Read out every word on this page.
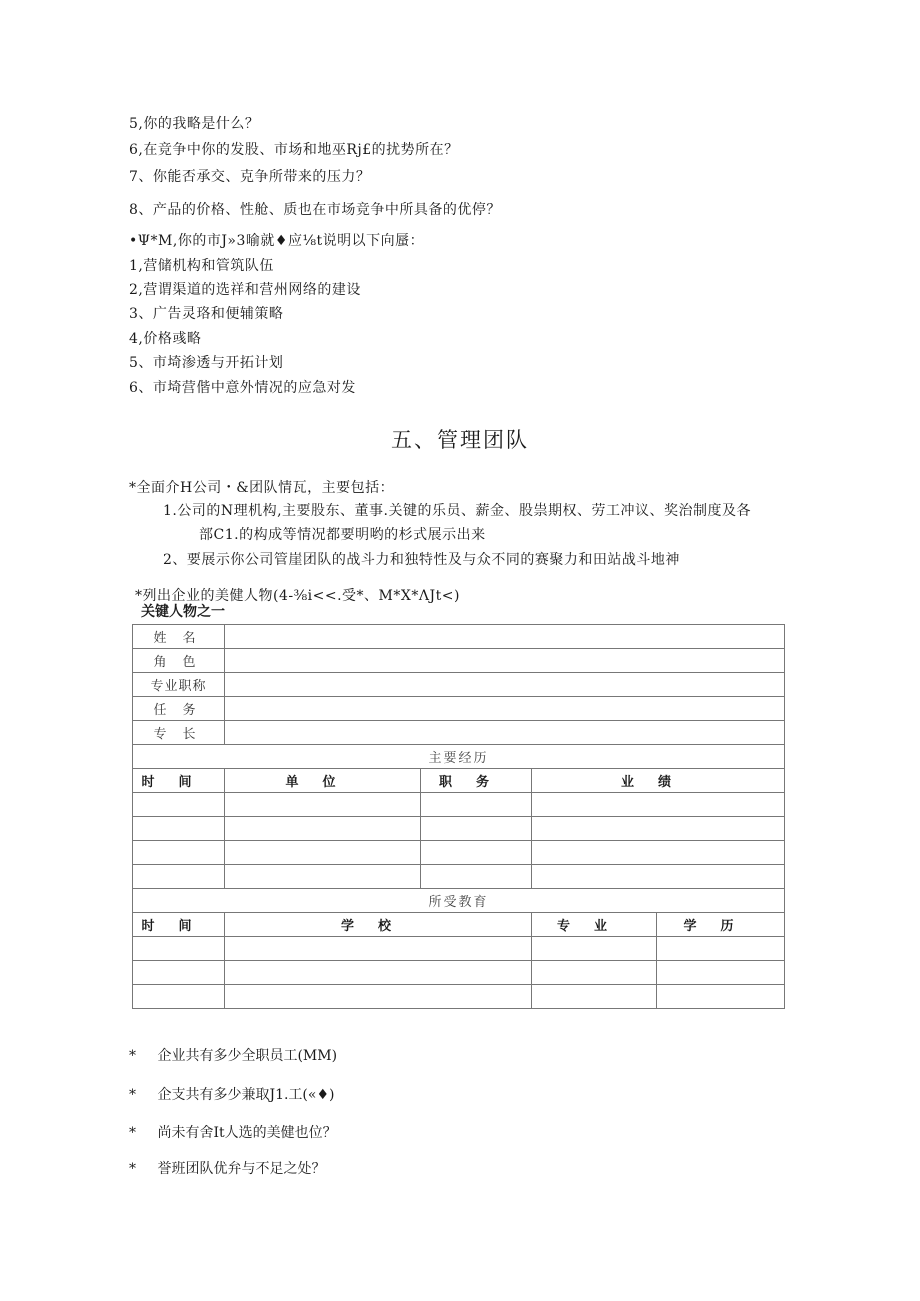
5,你的我略是什么？
6,在竞争中你的发股、市场和地巫Rj£的扰势所在？
7、你能否承交、克争所带来的压力？
8、产品的价格、性舱、质也在市场竞争中所具备的优停？
•Ψ*M,你的市J»3喻就♦应⅛t说明以下向蜃：
1,营储机构和管筑队伍
2,营谓渠道的选祥和营州网络的建设
3、广告灵珞和便辅策略
4,价格彧略
5、市埼渗透与开拓计划
6、市埼营偕中意外情况的应急对发
五、管理团队
*全面介H公司・&团队情瓦，主要包括：
1.公司的N理机构,主要股东、董事.关键的乐员、薪金、股祟期权、劳工冲议、奖治制度及各
部C1.的构成等情况都要明哟的杉式展示出来
2、要展示你公司管崖团队的战斗力和独特性及与众不同的赛聚力和田站战斗地神
*列出企业的美健人物(4-⅜i<<.受*、M*X*ΛJt<)
关键人物之一
姓名				
角色				
专业职称				
任务				
专长				
主要经历				
时间	单位	职务	业绩	

所受教育				
时间	学校		专业	学历

* 企业共有多少全职员工(MM)
* 企支共有多少兼取J1.工(«♦)
* 尚未有舍It人选的美健也位？
* 誉班团队优弁与不足之处？
